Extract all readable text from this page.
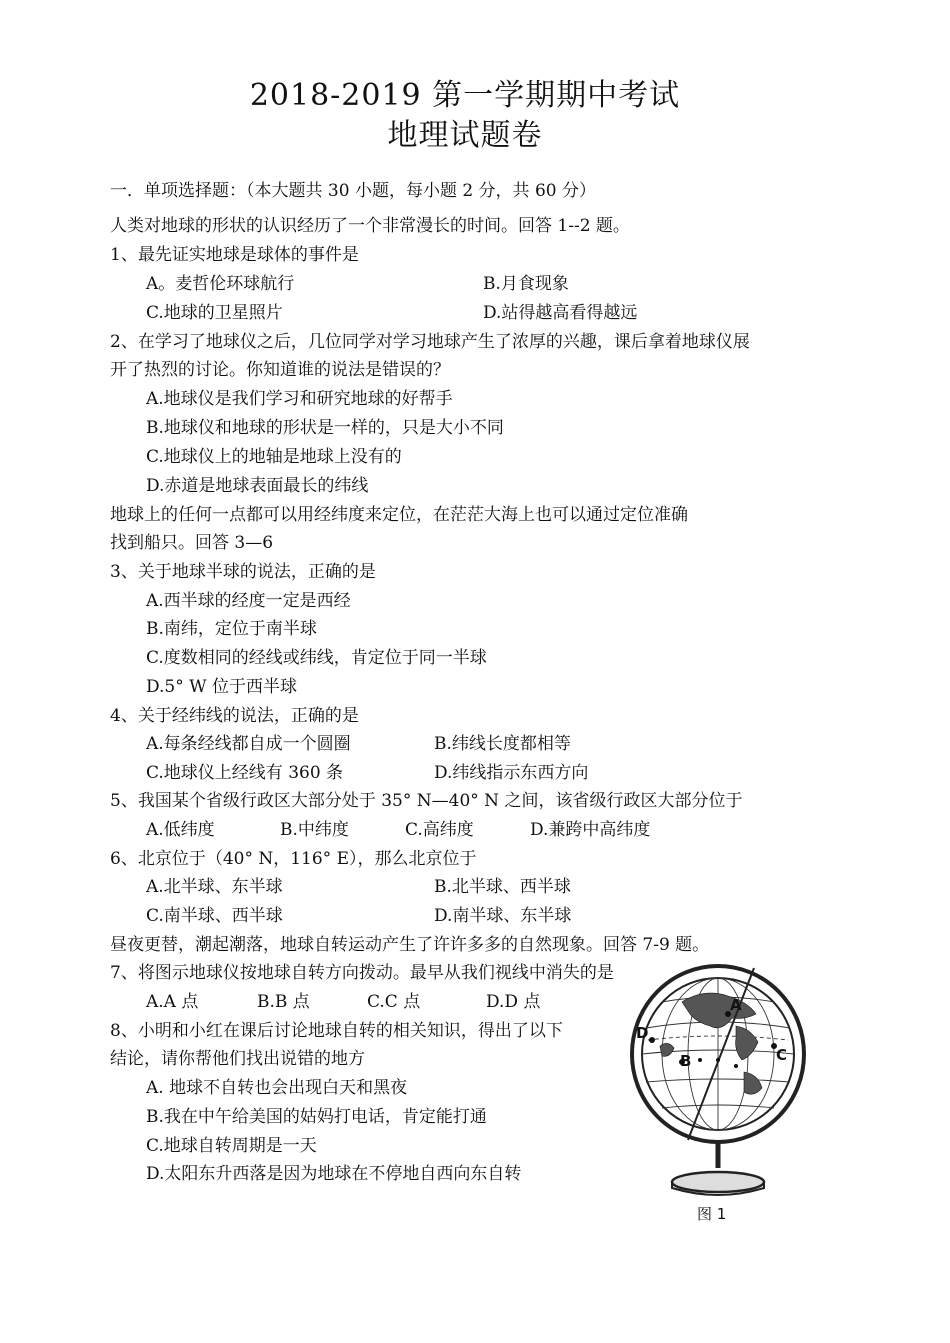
2018-2019 第一学期期中考试
地理试题卷
一．单项选择题：（本大题共 30 小题，每小题 2 分，共 60 分）
人类对地球的形状的认识经历了一个非常漫长的时间。回答 1--2 题。
1、最先证实地球是球体的事件是
A。麦哲伦环球航行	B.月食现象
C.地球的卫星照片	D.站得越高看得越远
2、在学习了地球仪之后，几位同学对学习地球产生了浓厚的兴趣，课后拿着地球仪展
开了热烈的讨论。你知道谁的说法是错误的？
A.地球仪是我们学习和研究地球的好帮手
B.地球仪和地球的形状是一样的，只是大小不同
C.地球仪上的地轴是地球上没有的
D.赤道是地球表面最长的纬线
地球上的任何一点都可以用经纬度来定位，在茫茫大海上也可以通过定位准确
找到船只。回答 3—6
3、关于地球半球的说法，正确的是
A.西半球的经度一定是西经
B.南纬，定位于南半球
C.度数相同的经线或纬线，肯定位于同一半球
D.5° W 位于西半球
4、关于经纬线的说法，正确的是
A.每条经线都自成一个圆圈	B.纬线长度都相等
C.地球仪上经线有 360 条	D.纬线指示东西方向
5、我国某个省级行政区大部分处于 35° N—40° N 之间，该省级行政区大部分位于
A.低纬度	B.中纬度	C.高纬度	D.兼跨中高纬度
6、北京位于（40° N，116° E），那么北京位于
A.北半球、东半球	B.北半球、西半球
C.南半球、西半球	D.南半球、东半球
昼夜更替，潮起潮落，地球自转运动产生了许许多多的自然现象。回答 7-9 题。
7、将图示地球仪按地球自转方向拨动。最早从我们视线中消失的是
A.A 点	B.B 点	C.C 点	D.D 点
8、小明和小红在课后讨论地球自转的相关知识，得出了以下
结论，请你帮他们找出说错的地方
A. 地球不自转也会出现白天和黑夜
B.我在中午给美国的姑妈打电话，肯定能打通
C.地球自转周期是一天
D.太阳东升西落是因为地球在不停地自西向东自转
A
B	C
D
图 1
